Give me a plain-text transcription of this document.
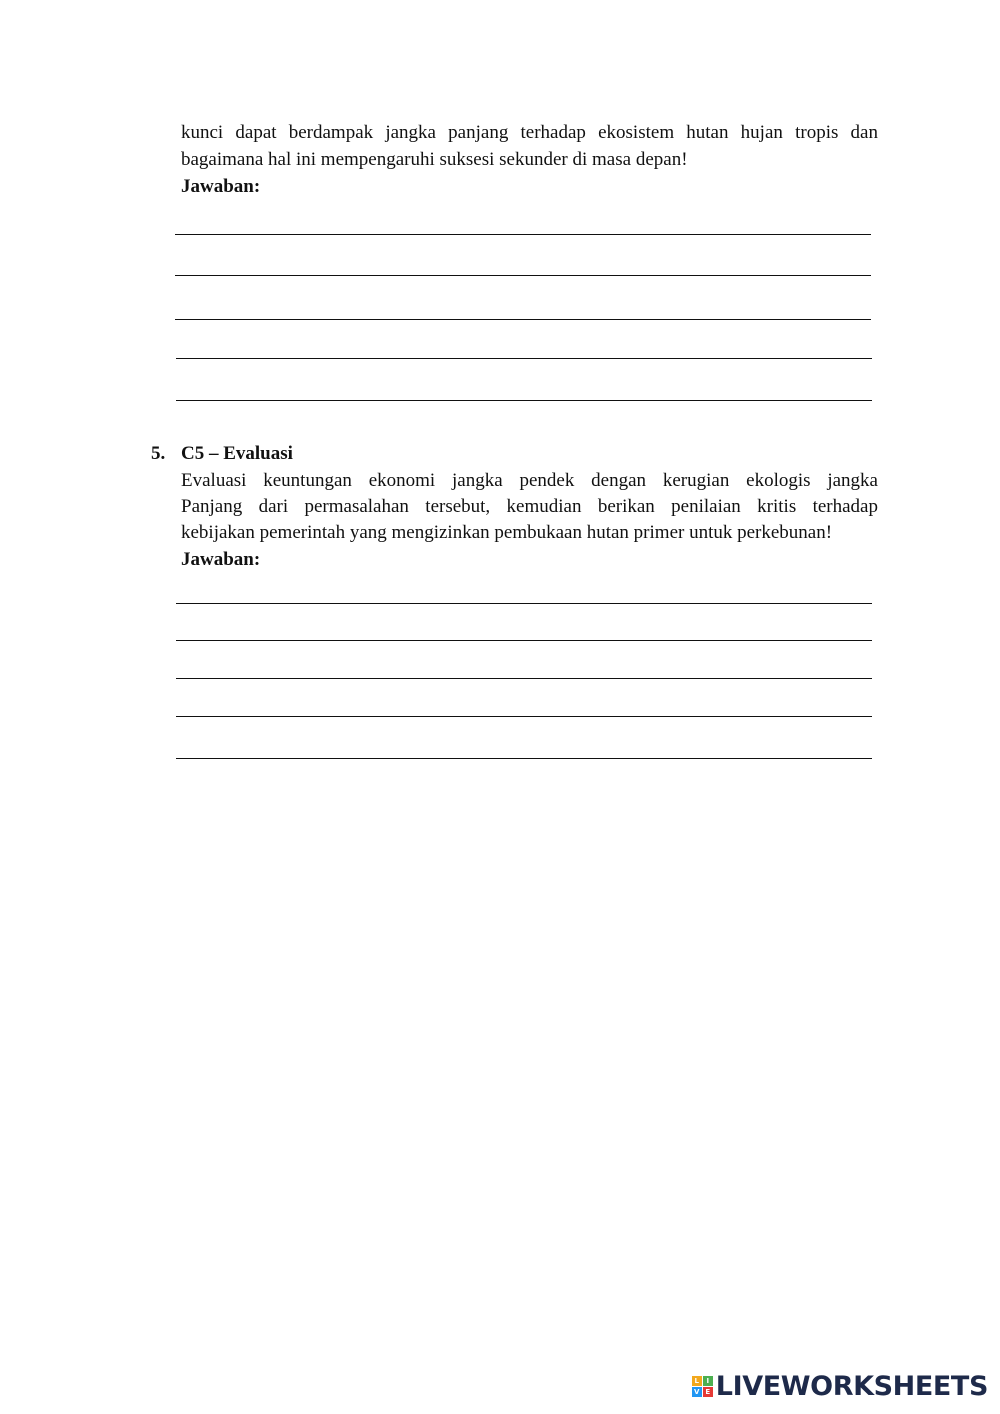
kunci dapat berdampak jangka panjang terhadap ekosistem hutan hujan tropis dan

bagaimana hal ini mempengaruhi suksesi sekunder di masa depan!

Jawaban:

5. C5 – Evaluasi

Evaluasi keuntungan ekonomi jangka pendek dengan kerugian ekologis jangka

Panjang dari permasalahan tersebut, kemudian berikan penilaian kritis terhadap

kebijakan pemerintah yang mengizinkan pembukaan hutan primer untuk perkebunan!

Jawaban:

L	I
V E LIVEWORKSHEETS
